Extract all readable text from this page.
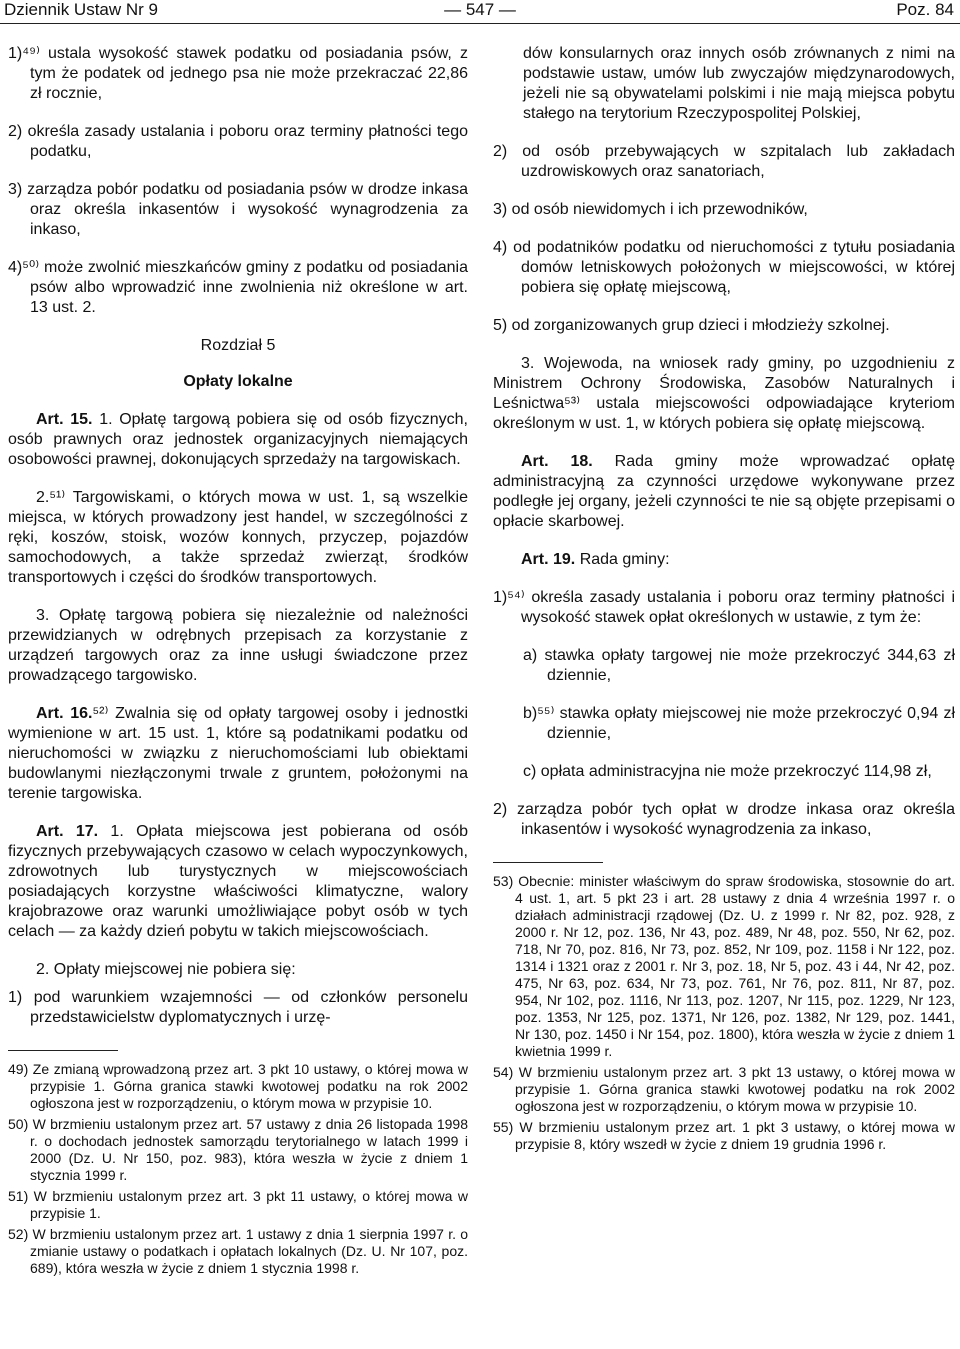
Dziennik Ustaw Nr 9	— 547 —	Poz. 84

1)⁴⁹⁾ ustala wysokość stawek podatku od posiadania psów, z tym że podatek od jednego psa nie może przekraczać 22,86 zł rocznie,

2) określa zasady ustalania i poboru oraz terminy płatności tego podatku,

3) zarządza pobór podatku od posiadania psów w drodze inkasa oraz określa inkasentów i wysokość wynagrodzenia za inkaso,

4)⁵⁰⁾ może zwolnić mieszkańców gminy z podatku od posiadania psów albo wprowadzić inne zwolnienia niż określone w art. 13 ust. 2.

Rozdział 5

Opłaty lokalne

Art. 15. 1. Opłatę targową pobiera się od osób fizycznych, osób prawnych oraz jednostek organizacyjnych niemających osobowości prawnej, dokonujących sprzedaży na targowiskach.

2.⁵¹⁾ Targowiskami, o których mowa w ust. 1, są wszelkie miejsca, w których prowadzony jest handel, w szczególności z ręki, koszów, stoisk, wozów konnych, przyczep, pojazdów samochodowych, a także sprzedaż zwierząt, środków transportowych i części do środków transportowych.

3. Opłatę targową pobiera się niezależnie od należności przewidzianych w odrębnych przepisach za korzystanie z urządzeń targowych oraz za inne usługi świadczone przez prowadzącego targowisko.

Art. 16.⁵²⁾ Zwalnia się od opłaty targowej osoby i jednostki wymienione w art. 15 ust. 1, które są podatnikami podatku od nieruchomości w związku z nieruchomościami lub obiektami budowlanymi niezłączonymi trwale z gruntem, położonymi na terenie targowiska.

Art. 17. 1. Opłata miejscowa jest pobierana od osób fizycznych przebywających czasowo w celach wypoczynkowych, zdrowotnych lub turystycznych w miejscowościach posiadających korzystne właściwości klimatyczne, walory krajobrazowe oraz warunki umożliwiające pobyt osób w tych celach — za każdy dzień pobytu w takich miejscowościach.

2. Opłaty miejscowej nie pobiera się:

1) pod warunkiem wzajemności — od członków personelu przedstawicielstw dyplomatycznych i urzę-

49) Ze zmianą wprowadzoną przez art. 3 pkt 10 ustawy, o której mowa w przypisie 1. Górna granica stawki kwotowej podatku na rok 2002 ogłoszona jest w rozporządzeniu, o którym mowa w przypisie 10.

50) W brzmieniu ustalonym przez art. 57 ustawy z dnia 26 listopada 1998 r. o dochodach jednostek samorządu terytorialnego w latach 1999 i 2000 (Dz. U. Nr 150, poz. 983), która weszła w życie z dniem 1 stycznia 1999 r.

51) W brzmieniu ustalonym przez art. 3 pkt 11 ustawy, o której mowa w przypisie 1.

52) W brzmieniu ustalonym przez art. 1 ustawy z dnia 1 sierpnia 1997 r. o zmianie ustawy o podatkach i opłatach lokalnych (Dz. U. Nr 107, poz. 689), która weszła w życie z dniem 1 stycznia 1998 r.

dów konsularnych oraz innych osób zrównanych z nimi na podstawie ustaw, umów lub zwyczajów międzynarodowych, jeżeli nie są obywatelami polskimi i nie mają miejsca pobytu stałego na terytorium Rzeczypospolitej Polskiej,

2) od osób przebywających w szpitalach lub zakładach uzdrowiskowych oraz sanatoriach,

3) od osób niewidomych i ich przewodników,

4) od podatników podatku od nieruchomości z tytułu posiadania domów letniskowych położonych w miejscowości, w której pobiera się opłatę miejscową,

5) od zorganizowanych grup dzieci i młodzieży szkolnej.

3. Wojewoda, na wniosek rady gminy, po uzgodnieniu z Ministrem Ochrony Środowiska, Zasobów Naturalnych i Leśnictwa⁵³⁾ ustala miejscowości odpowiadające kryteriom określonym w ust. 1, w których pobiera się opłatę miejscową.

Art. 18. Rada gminy może wprowadzać opłatę administracyjną za czynności urzędowe wykonywane przez podległe jej organy, jeżeli czynności te nie są objęte przepisami o opłacie skarbowej.

Art. 19. Rada gminy:

1)⁵⁴⁾ określa zasady ustalania i poboru oraz terminy płatności i wysokość stawek opłat określonych w ustawie, z tym że:

a) stawka opłaty targowej nie może przekroczyć 344,63 zł dziennie,

b)⁵⁵⁾ stawka opłaty miejscowej nie może przekroczyć 0,94 zł dziennie,

c) opłata administracyjna nie może przekroczyć 114,98 zł,

2) zarządza pobór tych opłat w drodze inkasa oraz określa inkasentów i wysokość wynagrodzenia za inkaso,

53) Obecnie: minister właściwym do spraw środowiska, stosownie do art. 4 ust. 1, art. 5 pkt 23 i art. 28 ustawy z dnia 4 września 1997 r. o działach administracji rządowej (Dz. U. z 1999 r. Nr 82, poz. 928, z 2000 r. Nr 12, poz. 136, Nr 43, poz. 489, Nr 48, poz. 550, Nr 62, poz. 718, Nr 70, poz. 816, Nr 73, poz. 852, Nr 109, poz. 1158 i Nr 122, poz. 1314 i 1321 oraz z 2001 r. Nr 3, poz. 18, Nr 5, poz. 43 i 44, Nr 42, poz. 475, Nr 63, poz. 634, Nr 73, poz. 761, Nr 76, poz. 811, Nr 87, poz. 954, Nr 102, poz. 1116, Nr 113, poz. 1207, Nr 115, poz. 1229, Nr 123, poz. 1353, Nr 125, poz. 1371, Nr 126, poz. 1382, Nr 129, poz. 1441, Nr 130, poz. 1450 i Nr 154, poz. 1800), która weszła w życie z dniem 1 kwietnia 1999 r.

54) W brzmieniu ustalonym przez art. 3 pkt 13 ustawy, o której mowa w przypisie 1. Górna granica stawki kwotowej podatku na rok 2002 ogłoszona jest w rozporządzeniu, o którym mowa w przypisie 10.

55) W brzmieniu ustalonym przez art. 1 pkt 3 ustawy, o której mowa w przypisie 8, który wszedł w życie z dniem 19 grudnia 1996 r.
